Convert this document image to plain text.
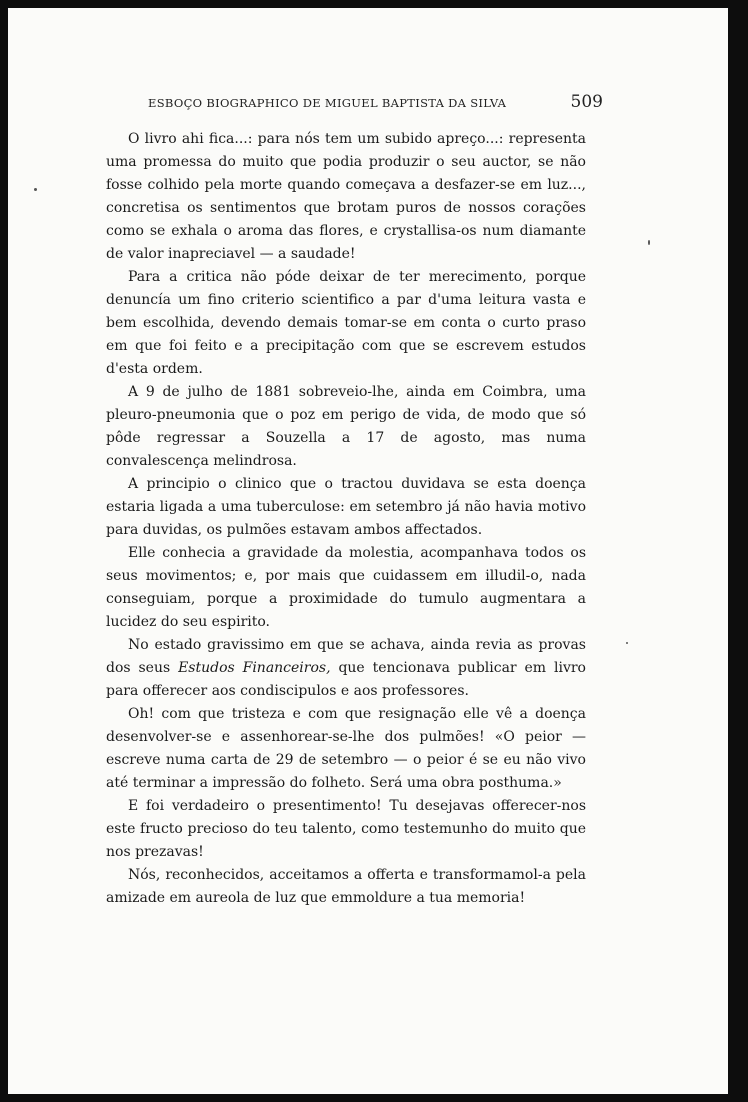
ESBOÇO BIOGRAPHICO DE MIGUEL BAPTISTA DA SILVA	509

O livro ahi fica...: para nós tem um subido apreço...: representa uma promessa do muito que podia produzir o seu auctor, se não fosse colhido pela morte quando começava a desfazer-se em luz..., concretisa os sentimentos que brotam puros de nossos corações como se exhala o aroma das flores, e crystallisa-os num diamante de valor inapreciavel — a saudade!

Para a critica não póde deixar de ter merecimento, porque denuncía um fino criterio scientifico a par d'uma leitura vasta e bem escolhida, devendo demais tomar-se em conta o curto praso em que foi feito e a precipitação com que se escrevem estudos d'esta ordem.

A 9 de julho de 1881 sobreveio-lhe, ainda em Coimbra, uma pleuro-pneumonia que o poz em perigo de vida, de modo que só pôde regressar a Souzella a 17 de agosto, mas numa convalescença melindrosa.

A principio o clinico que o tractou duvidava se esta doença estaria ligada a uma tuberculose: em setembro já não havia motivo para duvidas, os pulmões estavam ambos affectados.

Elle conhecia a gravidade da molestia, acompanhava todos os seus movimentos; e, por mais que cuidassem em illudil-o, nada conseguiam, porque a proximidade do tumulo augmentara a lucidez do seu espirito.

No estado gravissimo em que se achava, ainda revia as provas dos seus Estudos Financeiros, que tencionava publicar em livro para offerecer aos condiscipulos e aos professores.

Oh! com que tristeza e com que resignação elle vê a doença desenvolver-se e assenhorear-se-lhe dos pulmões! «O peior — escreve numa carta de 29 de setembro — o peior é se eu não vivo até terminar a impressão do folheto. Será uma obra posthuma.»

E foi verdadeiro o presentimento! Tu desejavas offerecer-nos este fructo precioso do teu talento, como testemunho do muito que nos prezavas!

Nós, reconhecidos, acceitamos a offerta e transformamol-a pela amizade em aureola de luz que emmoldure a tua memoria!
